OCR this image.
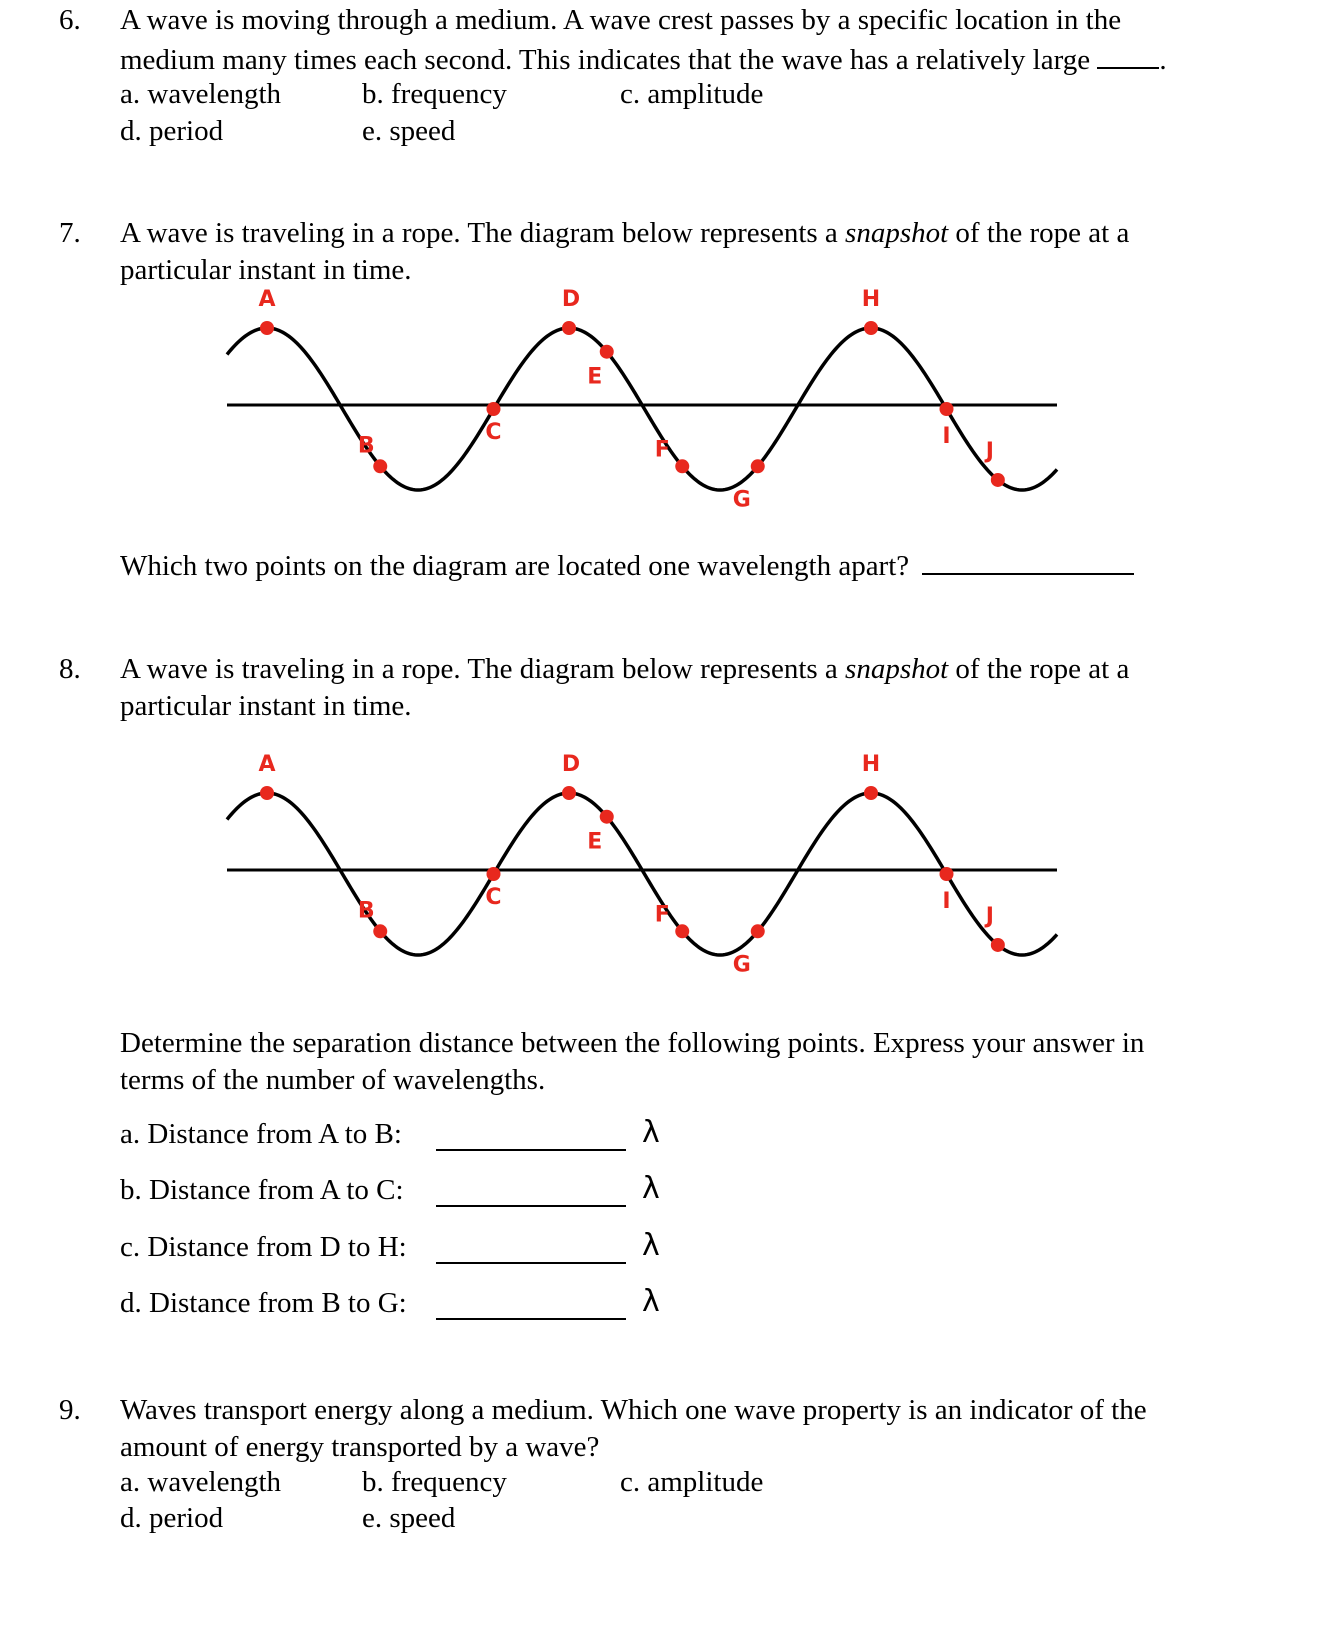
6. A wave is moving through a medium. A wave crest passes by a specific location in the
medium many times each second. This indicates that the wave has a relatively large .
a. wavelength	b. frequency	c. amplitude
d. period	e. speed
7. A wave is traveling in a rope. The diagram below represents a snapshot of the rope at a
particular instant in time.
A
B
C
D
E
F
G
H
I
J
Which two points on the diagram are located one wavelength apart?
8. A wave is traveling in a rope. The diagram below represents a snapshot of the rope at a
particular instant in time.
A
B
C
D
E
F
G
H
I
J
Determine the separation distance between the following points. Express your answer in
terms of the number of wavelengths.
a. Distance from A to B:	λ
b. Distance from A to C:	λ
c. Distance from D to H:	λ
d. Distance from B to G:	λ
9. Waves transport energy along a medium. Which one wave property is an indicator of the
amount of energy transported by a wave?
a. wavelength	b. frequency	c. amplitude
d. period	e. speed
